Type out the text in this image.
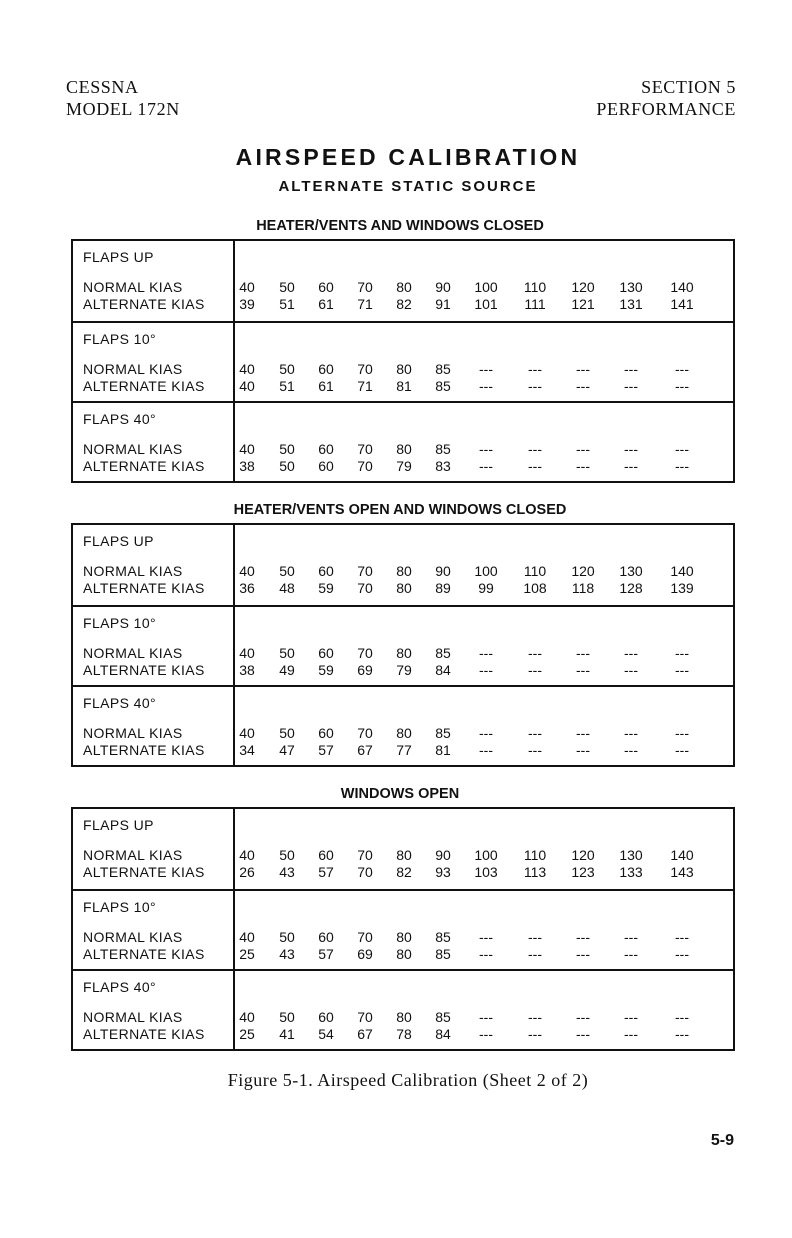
CESSNA
MODEL 172N
SECTION 5
PERFORMANCE
AIRSPEED CALIBRATION
ALTERNATE STATIC SOURCE
HEATER/VENTS AND WINDOWS CLOSED
FLAPS UP
NORMAL KIAS	40	50	60	70	80	90	100	110	120	130	140
ALTERNATE KIAS	39	51	61	71	82	91	101	111	121	131	141
FLAPS 10°
NORMAL KIAS	40	50	60	70	80	85	---	---	---	---	---
ALTERNATE KIAS	40	51	61	71	81	85	---	---	---	---	---
FLAPS 40°
NORMAL KIAS	40	50	60	70	80	85	---	---	---	---	---
ALTERNATE KIAS	38	50	60	70	79	83	---	---	---	---	---
HEATER/VENTS OPEN AND WINDOWS CLOSED
FLAPS UP
NORMAL KIAS	40	50	60	70	80	90	100	110	120	130	140
ALTERNATE KIAS	36	48	59	70	80	89	99	108	118	128	139
FLAPS 10°
NORMAL KIAS	40	50	60	70	80	85	---	---	---	---	---
ALTERNATE KIAS	38	49	59	69	79	84	---	---	---	---	---
FLAPS 40°
NORMAL KIAS	40	50	60	70	80	85	---	---	---	---	---
ALTERNATE KIAS	34	47	57	67	77	81	---	---	---	---	---
WINDOWS OPEN
FLAPS UP
NORMAL KIAS	40	50	60	70	80	90	100	110	120	130	140
ALTERNATE KIAS	26	43	57	70	82	93	103	113	123	133	143
FLAPS 10°
NORMAL KIAS	40	50	60	70	80	85	---	---	---	---	---
ALTERNATE KIAS	25	43	57	69	80	85	---	---	---	---	---
FLAPS 40°
NORMAL KIAS	40	50	60	70	80	85	---	---	---	---	---
ALTERNATE KIAS	25	41	54	67	78	84	---	---	---	---	---
Figure 5-1. Airspeed Calibration (Sheet 2 of 2)
5-9
